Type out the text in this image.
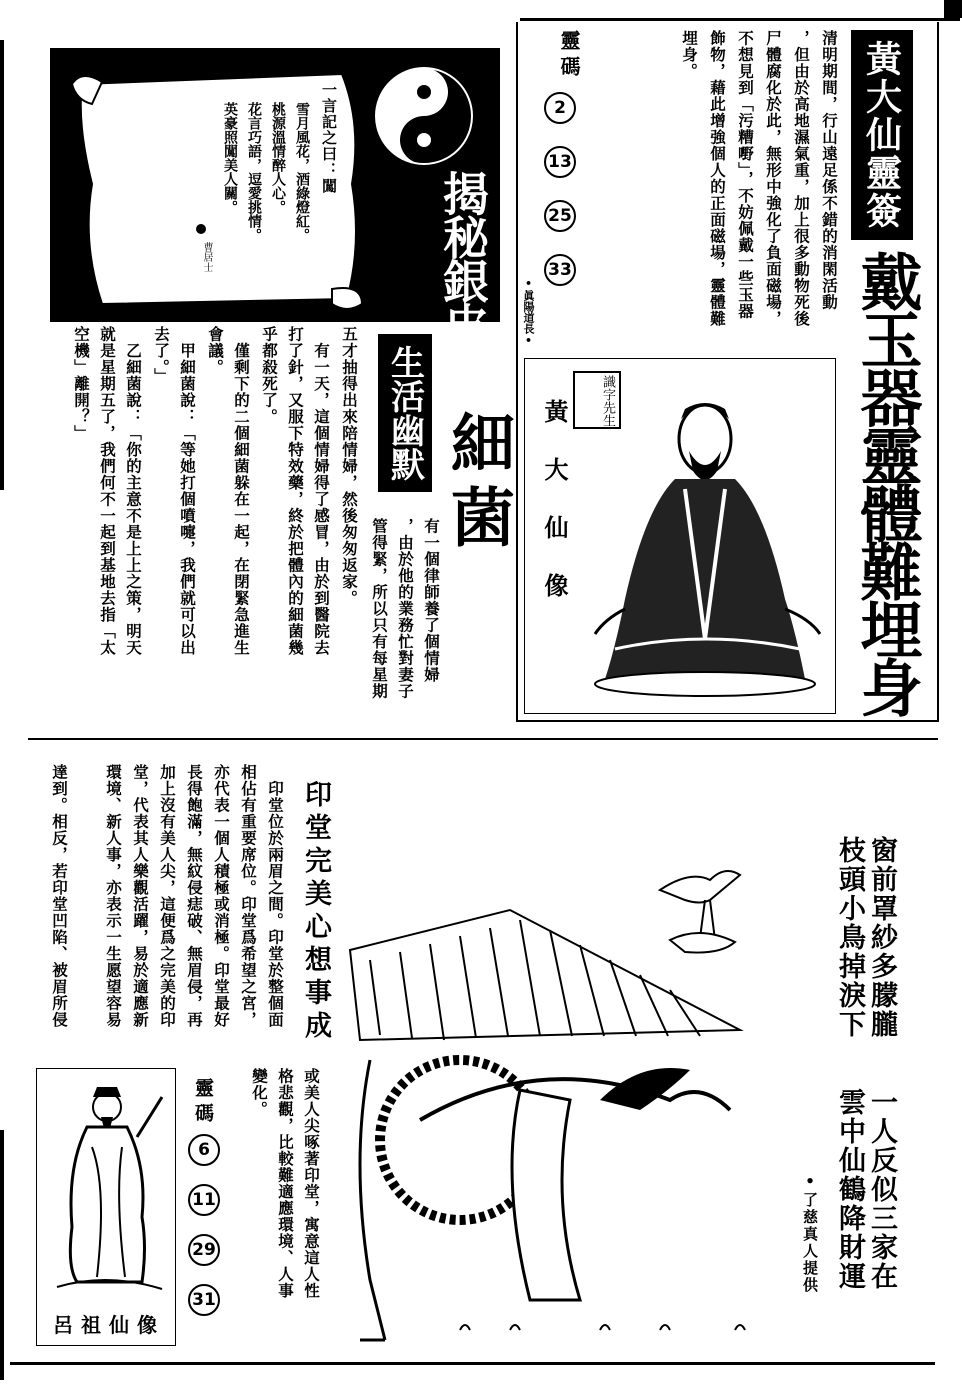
黃大仙靈簽
戴玉器靈體難埋身
清明期間，行山遠足係不錯的消閑活動
，但由於高地濕氣重，加上很多動物死後
尸體腐化於此，無形中強化了負面磁場，
不想見到「污糟嘢」，不妨佩戴一些玉器
飾物，藉此增強個人的正面磁場，靈體難
埋身。
靈碼
2
13
25
33
•眞陽道長•
黃大仙像	識字先生
揭秘銀皮
一言記之曰：闖
雪月風花，酒綠燈紅。
桃源溫情醉人心。
花言巧語，逗愛挑情。
英豪照闖美人關。
曹居士
生活幽默 細菌
有一個律師養了個情婦
，由於他的業務忙對妻子
管得緊，所以只有每星期
五才抽得出來陪情婦，然後匆匆返家。
　有一天，這個情婦得了感冒，由於到醫院去
打了針，又服下特效藥，終於把體內的細菌幾
乎都殺死了。
　僅剩下的二個細菌躲在一起，在閉緊急進生
會議。
　甲細菌說：「等她打個噴嚏，我們就可以出
去了。」
　乙細菌說：「你的主意不是上上之策，明天
就是星期五了，我們何不一起到基地去指「太
空機」離開？」
印堂完美心想事成
　印堂位於兩眉之間。印堂於整個面
相佔有重要席位。印堂爲希望之宮，
亦代表一個人積極或消極。印堂最好
長得飽滿，無紋侵痣破、無眉侵，再
加上沒有美人尖，這便爲之完美的印
堂，代表其人樂觀活躍，易於適應新
環境、新人事，亦表示一生愿望容易
達到。相反，若印堂凹陷、被眉所侵
或美人尖啄著印堂，寓意這人性
格悲觀，比較難適應環境、人事
變化。
靈碼
6
11
29
31
呂祖仙像
窗前罩紗多朦朧
枝頭小鳥掉淚下
一人反似三家在
雲中仙鶴降財運
•了慈真人提供
